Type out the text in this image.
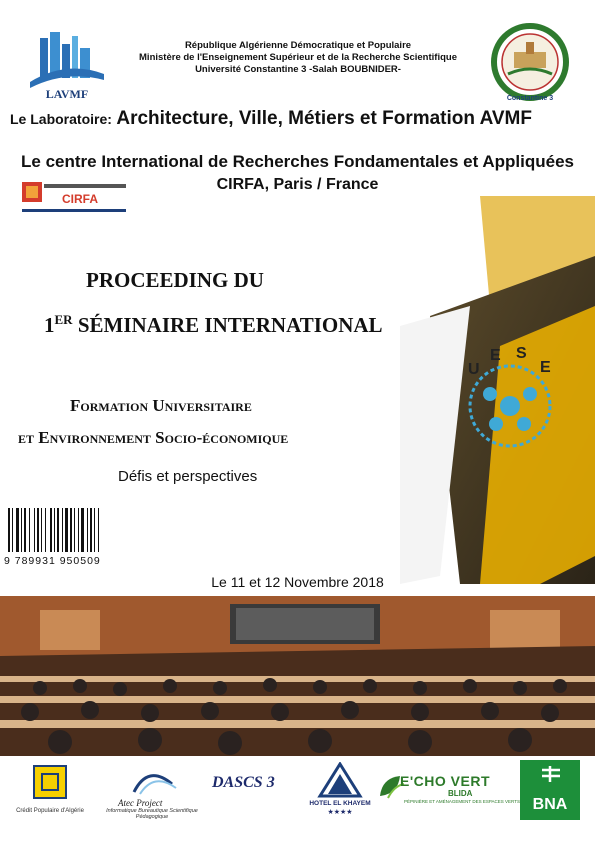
LAVMF
République Algérienne Démocratique et Populaire
Ministère de l'Enseignement Supérieur et de la Recherche Scientifique
Université Constantine 3 -Salah BOUBNIDER-
Constantine 3
Le Laboratoire: Architecture, Ville, Métiers et Formation AVMF
Le centre International de Recherches Fondamentales et Appliquées
CIRFA, Paris / France
CIRFA
U
E S
E
PROCEEDING DU
1ER SÉMINAIRE INTERNATIONAL
Formation Universitaire
et Environnement Socio-économique
Défis et perspectives
9 789931 950509
Le 11 et 12 Novembre 2018
Crédit Populaire d'Algérie
Atec Project
Informatique Bureautique Scientifique Pédagogique
DASCS 3
HOTEL EL KHAYEM
★★★★
E'CHO VERT
BLIDA
PÉPINIÈRE ET AMÉNAGEMENT DES ESPACES VERTS BNA
